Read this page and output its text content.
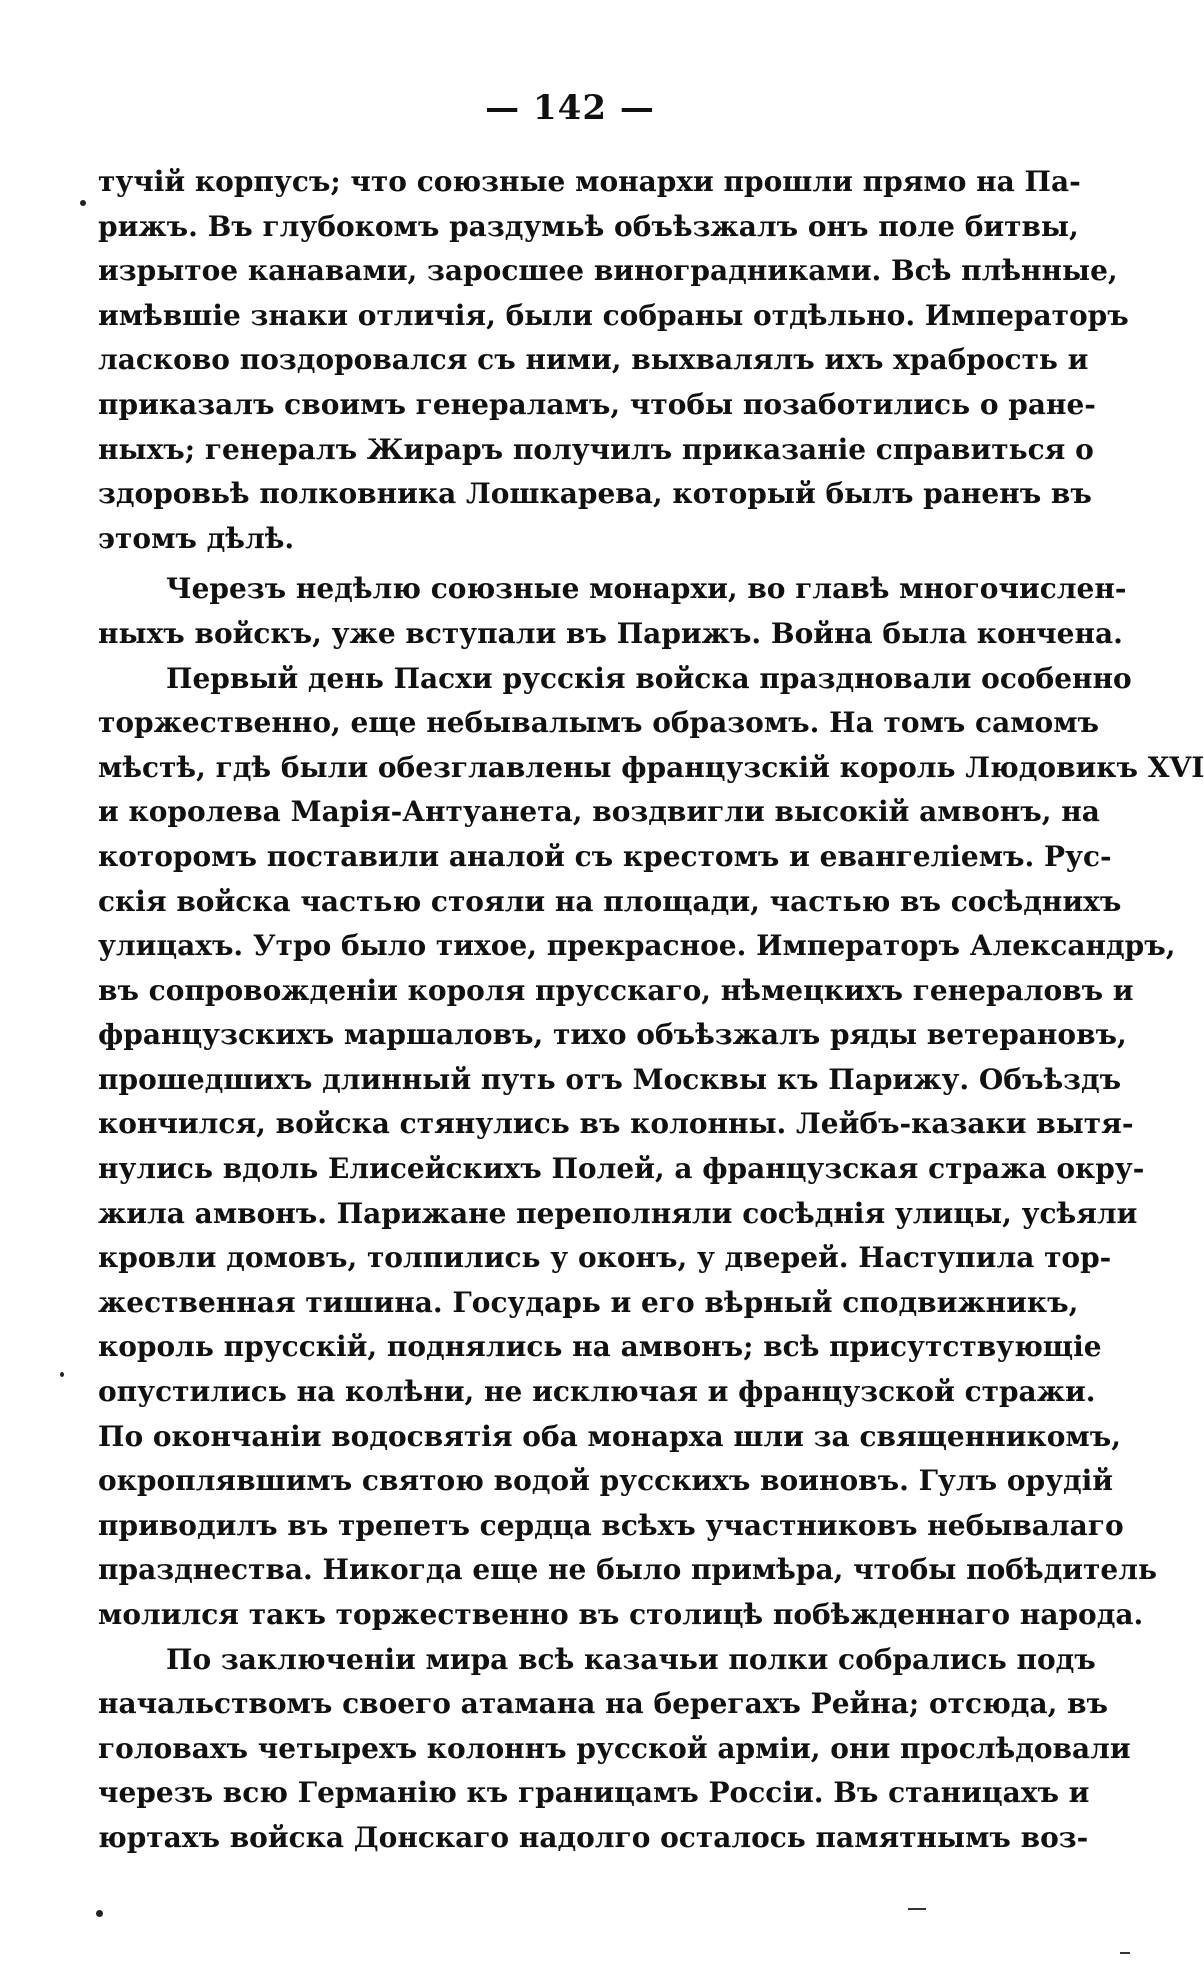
— 142 —
тучій корпусъ; что союзные монархи прошли прямо на Па-
рижъ. Въ глубокомъ раздумьѣ объѣзжалъ онъ поле битвы,
изрытое канавами, заросшее виноградниками. Всѣ плѣнные,
имѣвшіе знаки отличія, были собраны отдѣльно. Императоръ
ласково поздоровался съ ними, выхвалялъ ихъ храбрость и
приказалъ своимъ генераламъ, чтобы позаботились о ране-
ныхъ; генералъ Жираръ получилъ приказаніе справиться о
здоровьѣ полковника Лошкарева, который былъ раненъ въ
этомъ дѣлѣ.
Черезъ недѣлю союзные монархи, во главѣ многочислен-
ныхъ войскъ, уже вступали въ Парижъ. Война была кончена.
Первый день Пасхи русскія войска праздновали особенно
торжественно, еще небывалымъ образомъ. На томъ самомъ
мѣстѣ, гдѣ были обезглавлены французскій король Людовикъ XVI
и королева Марія-Антуанета, воздвигли высокій амвонъ, на
которомъ поставили аналой съ крестомъ и евангеліемъ. Рус-
скія войска частью стояли на площади, частью въ сосѣднихъ
улицахъ. Утро было тихое, прекрасное. Императоръ Александръ,
въ сопровожденіи короля прусскаго, нѣмецкихъ генераловъ и
французскихъ маршаловъ, тихо объѣзжалъ ряды ветерановъ,
прошедшихъ длинный путь отъ Москвы къ Парижу. Объѣздъ
кончился, войска стянулись въ колонны. Лейбъ-казаки вытя-
нулись вдоль Елисейскихъ Полей, а французская стража окру-
жила амвонъ. Парижане переполняли сосѣднія улицы, усѣяли
кровли домовъ, толпились у оконъ, у дверей. Наступила тор-
жественная тишина. Государь и его вѣрный сподвижникъ,
король прусскій, поднялись на амвонъ; всѣ присутствующіе
опустились на колѣни, не исключая и французской стражи.
По окончаніи водосвятія оба монарха шли за священникомъ,
окроплявшимъ святою водой русскихъ воиновъ. Гулъ орудій
приводилъ въ трепетъ сердца всѣхъ участниковъ небывалаго
празднества. Никогда еще не было примѣра, чтобы побѣдитель
молился такъ торжественно въ столицѣ побѣжденнаго народа.
По заключеніи мира всѣ казачьи полки собрались подъ
начальствомъ своего атамана на берегахъ Рейна; отсюда, въ
головахъ четырехъ колоннъ русской арміи, они прослѣдовали
черезъ всю Германію къ границамъ Россіи. Въ станицахъ и
юртахъ войска Донскаго надолго осталось памятнымъ воз-
